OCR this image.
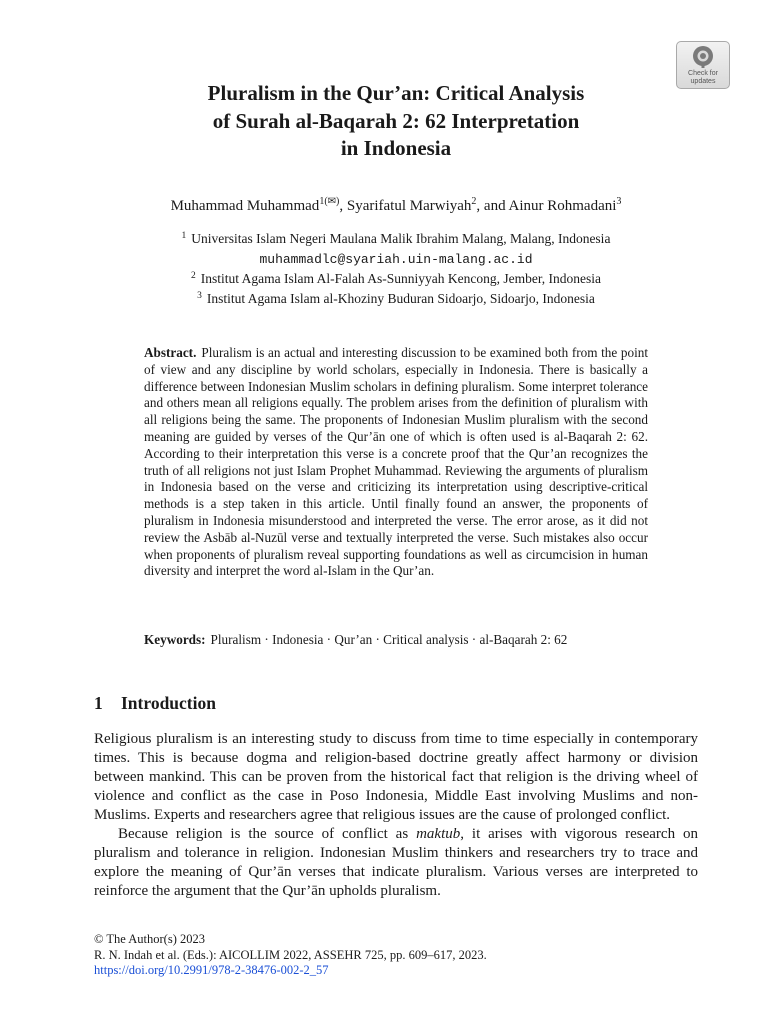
Check for
updates
Pluralism in the Qur’an: Critical Analysis
of Surah al-Baqarah 2: 62 Interpretation
in Indonesia
Muhammad Muhammad$^{1(✉)}$, Syarifatul Marwiyah$^2$, and Ainur Rohmadani$^3$
$^1$ Universitas Islam Negeri Maulana Malik Ibrahim Malang, Malang, Indonesia
muhammadlc@syariah.uin-malang.ac.id
$^2$ Institut Agama Islam Al-Falah As-Sunniyyah Kencong, Jember, Indonesia
$^3$ Institut Agama Islam al-Khoziny Buduran Sidoarjo, Sidoarjo, Indonesia
Abstract. Pluralism is an actual and interesting discussion to be examined both from the point of view and any discipline by world scholars, especially in Indonesia. There is basically a difference between Indonesian Muslim scholars in defining pluralism. Some interpret tolerance and others mean all religions equally. The problem arises from the definition of pluralism with all religions being the same. The proponents of Indonesian Muslim pluralism with the second meaning are guided by verses of the Qur’ān one of which is often used is al-Baqarah 2: 62. According to their interpretation this verse is a concrete proof that the Qur’an recognizes the truth of all religions not just Islam Prophet Muhammad. Reviewing the arguments of pluralism in Indonesia based on the verse and criticizing its interpretation using descriptive-critical methods is a step taken in this article. Until finally found an answer, the proponents of pluralism in Indonesia misunderstood and interpreted the verse. The error arose, as it did not review the Asbāb al-Nuzūl verse and textually interpreted the verse. Such mistakes also occur when proponents of pluralism reveal supporting foundations as well as circumcision in human diversity and interpret the word al-Islam in the Qur’an.
Keywords: Pluralism · Indonesia · Qur’an · Critical analysis · al-Baqarah 2: 62
1 Introduction

Religious pluralism is an interesting study to discuss from time to time especially in contemporary times. This is because dogma and religion-based doctrine greatly affect harmony or division between mankind. This can be proven from the historical fact that religion is the driving wheel of violence and conflict as the case in Poso Indonesia, Middle East involving Muslims and non-Muslims. Experts and researchers agree that religious issues are the cause of prolonged conflict.

Because religion is the source of conflict as maktub, it arises with vigorous research on pluralism and tolerance in religion. Indonesian Muslim thinkers and researchers try to trace and explore the meaning of Qur’ān verses that indicate pluralism. Various verses are interpreted to reinforce the argument that the Qur’ān upholds pluralism.

© The Author(s) 2023
R. N. Indah et al. (Eds.): AICOLLIM 2022, ASSEHR 725, pp. 609–617, 2023.
https://doi.org/10.2991/978-2-38476-002-2_57
